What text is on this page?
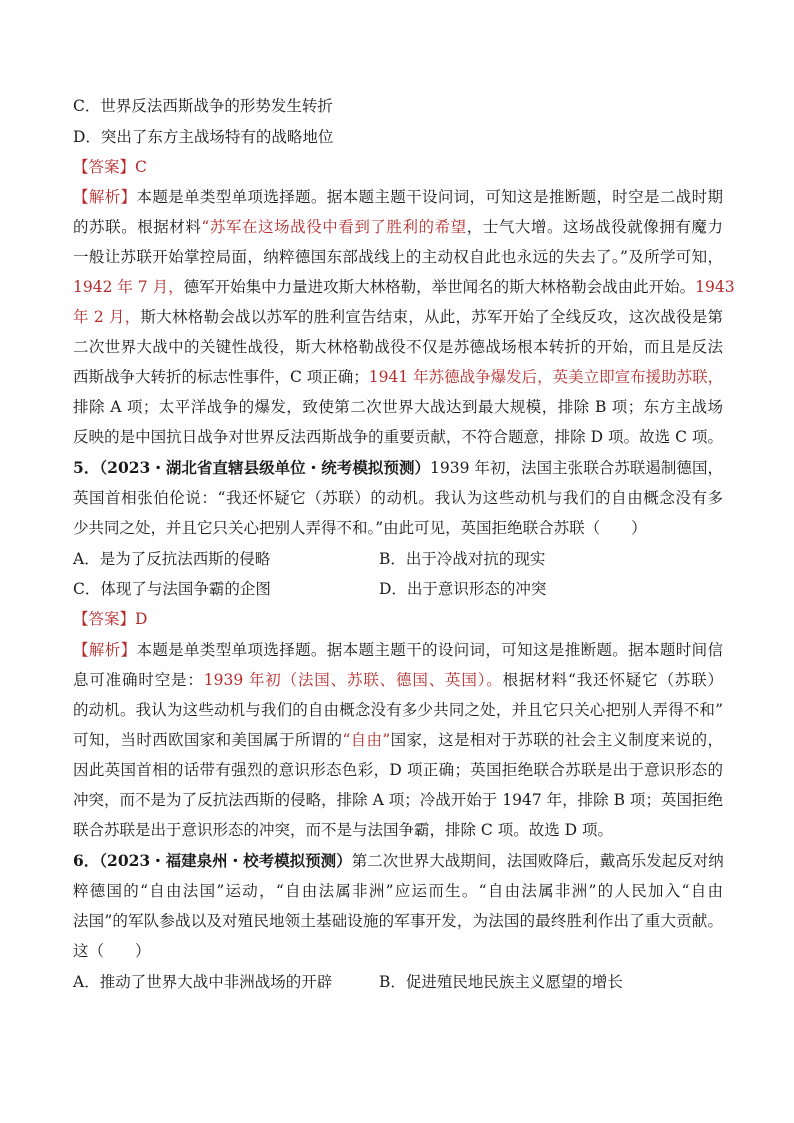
C．世界反法西斯战争的形势发生转折
D．突出了东方主战场特有的战略地位
【答案】C
【解析】本题是单类型单项选择题。据本题主题干设问词，可知这是推断题，时空是二战时期
的苏联。根据材料“苏军在这场战役中看到了胜利的希望，士气大增。这场战役就像拥有魔力
一般让苏联开始掌控局面，纳粹德国东部战线上的主动权自此也永远的失去了。”及所学可知，
1942 年 7 月，德军开始集中力量进攻斯大林格勒，举世闻名的斯大林格勒会战由此开始。1943
年 2 月，斯大林格勒会战以苏军的胜利宣告结束，从此，苏军开始了全线反攻，这次战役是第
二次世界大战中的关键性战役，斯大林格勒战役不仅是苏德战场根本转折的开始，而且是反法
西斯战争大转折的标志性事件，C 项正确；1941 年苏德战争爆发后，英美立即宣布援助苏联，
排除 A 项；太平洋战争的爆发，致使第二次世界大战达到最大规模，排除 B 项；东方主战场
反映的是中国抗日战争对世界反法西斯战争的重要贡献，不符合题意，排除 D 项。故选 C 项。
5．（2023・湖北省直辖县级单位・统考模拟预测）1939 年初，法国主张联合苏联遏制德国，
英国首相张伯伦说：“我还怀疑它（苏联）的动机。我认为这些动机与我们的自由概念没有多
少共同之处，并且它只关心把别人弄得不和。”由此可见，英国拒绝联合苏联（　　）
A．是为了反抗法西斯的侵略	B．出于冷战对抗的现实
C．体现了与法国争霸的企图	D．出于意识形态的冲突
【答案】D
【解析】本题是单类型单项选择题。据本题主题干的设问词，可知这是推断题。据本题时间信
息可准确时空是：1939 年初（法国、苏联、德国、英国）。根据材料“我还怀疑它（苏联）
的动机。我认为这些动机与我们的自由概念没有多少共同之处，并且它只关心把别人弄得不和”
可知，当时西欧国家和美国属于所谓的“自由”国家，这是相对于苏联的社会主义制度来说的，
因此英国首相的话带有强烈的意识形态色彩，D 项正确；英国拒绝联合苏联是出于意识形态的
冲突，而不是为了反抗法西斯的侵略，排除 A 项；冷战开始于 1947 年，排除 B 项；英国拒绝
联合苏联是出于意识形态的冲突，而不是与法国争霸，排除 C 项。故选 D 项。
6．（2023・福建泉州・校考模拟预测）第二次世界大战期间，法国败降后，戴高乐发起反对纳
粹德国的“自由法国”运动，“自由法属非洲”应运而生。“自由法属非洲”的人民加入“自由
法国”的军队参战以及对殖民地领土基础设施的军事开发，为法国的最终胜利作出了重大贡献。
这（　　）
A．推动了世界大战中非洲战场的开辟	B．促进殖民地民族主义愿望的增长
